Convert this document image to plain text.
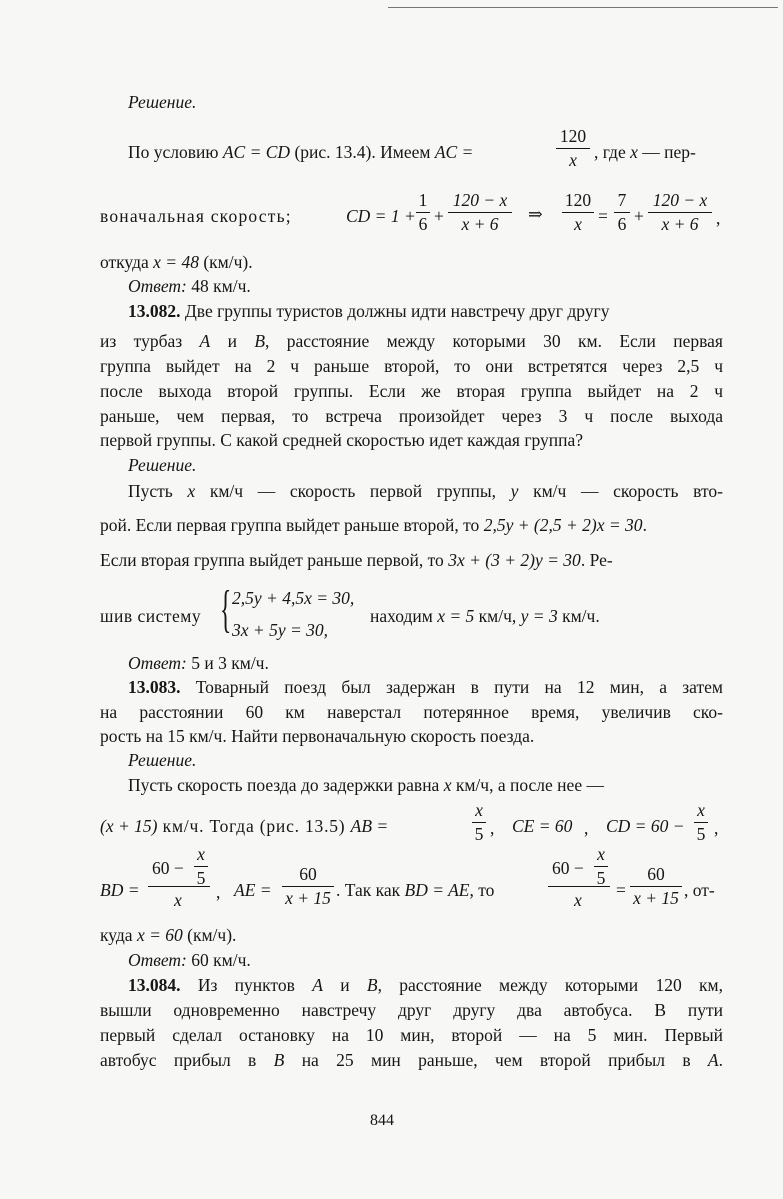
Решение.
По условию AC = CD (рис. 13.4). Имеем AC =
120
x , где x — пер-
воначальная скорость;	CD = 1 +
1
6 +
120 − x
x + 6	⇒
120
x =
7
6 +
120 − x
x + 6 ,
откуда x = 48 (км/ч).
Ответ: 48 км/ч.
13.082. Две группы туристов должны идти навстречу друг другу
из турбаз A и B, расстояние между которыми 30 км. Если первая
группа выйдет на 2 ч раньше второй, то они встретятся через 2,5 ч
после выхода второй группы. Если же вторая группа выйдет на 2 ч
раньше, чем первая, то встреча произойдет через 3 ч после выхода
первой группы. С какой средней скоростью идет каждая группа?
Решение.
Пусть x км/ч — скорость первой группы, y км/ч — скорость вто-
рой. Если первая группа выйдет раньше второй, то 2,5y + (2,5 + 2)x = 30.
Если вторая группа выйдет раньше первой, то 3x + (3 + 2)y = 30. Ре-
шив систему { 2,5y + 4,5x = 30,
3x + 5y = 30,
находим x = 5 км/ч, y = 3 км/ч.
Ответ: 5 и 3 км/ч.
13.083. Товарный поезд был задержан в пути на 12 мин, а затем
на расстоянии 60 км наверстал потерянное время, увеличив ско-
рость на 15 км/ч. Найти первоначальную скорость поезда.
Решение.
Пусть скорость поезда до задержки равна x км/ч, а после нее —
(x + 15) км/ч. Тогда (рис. 13.5) AB =
x
5 , CE = 60 , CD = 60 −
x
5 ,
BD =
60 −
x
5
x , AE =
60
x + 15 . Так как BD = AE, то
60 −
x
5
x =
60
x + 15 , от-
куда x = 60 (км/ч).
Ответ: 60 км/ч.
13.084. Из пунктов A и B, расстояние между которыми 120 км,
вышли одновременно навстречу друг другу два автобуса. В пути
первый сделал остановку на 10 мин, второй — на 5 мин. Первый
автобус прибыл в B на 25 мин раньше, чем второй прибыл в A.
844
